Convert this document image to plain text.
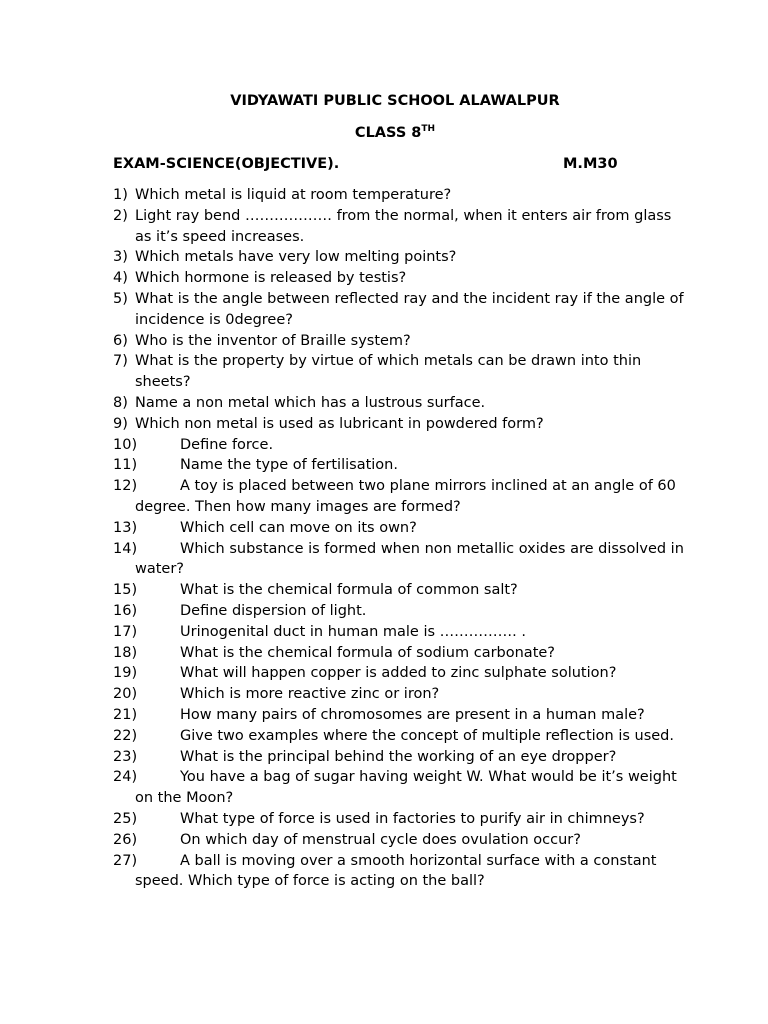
VIDYAWATI PUBLIC SCHOOL ALAWALPUR
CLASS 8TH
EXAM-SCIENCE(OBJECTIVE).	M.M30
1) Which metal is liquid at room temperature?
2) Light ray bend ……………… from the normal, when it enters air from glass as it’s speed increases.
3) Which metals have very low melting points?
4) Which hormone is released by testis?
5) What is the angle between reflected ray and the incident ray if the angle of incidence is 0degree?
6) Who is the inventor of Braille system?
7) What is the property by virtue of which metals can be drawn into thin sheets?
8) Name a non metal which has a lustrous surface.
9) Which non metal is used as lubricant in powdered form?
10)	Define force.
11)	Name the type of fertilisation.
12)	A toy is placed between two plane mirrors inclined at an angle of 60 degree. Then how many images are formed?
13)	Which cell can move on its own?
14)	Which substance is formed when non metallic oxides are dissolved in water?
15)	What is the chemical formula of common salt?
16)	Define dispersion of light.
17)	Urinogenital duct in human male is ……………. .
18)	What is the chemical formula of sodium carbonate?
19)	What will happen copper is added to zinc sulphate solution?
20)	Which is more reactive zinc or iron?
21)	How many pairs of chromosomes are present in a human male?
22)	Give two examples where the concept of multiple reflection is used.
23)	What is the principal behind the working of an eye dropper?
24)	You have a bag of sugar having weight W. What would be it’s weight on the Moon?
25)	What type of force is used in factories to purify air in chimneys?
26)	On which day of menstrual cycle does ovulation occur?
27)	A ball is moving over a smooth horizontal surface with a constant speed. Which type of force is acting on the ball?
